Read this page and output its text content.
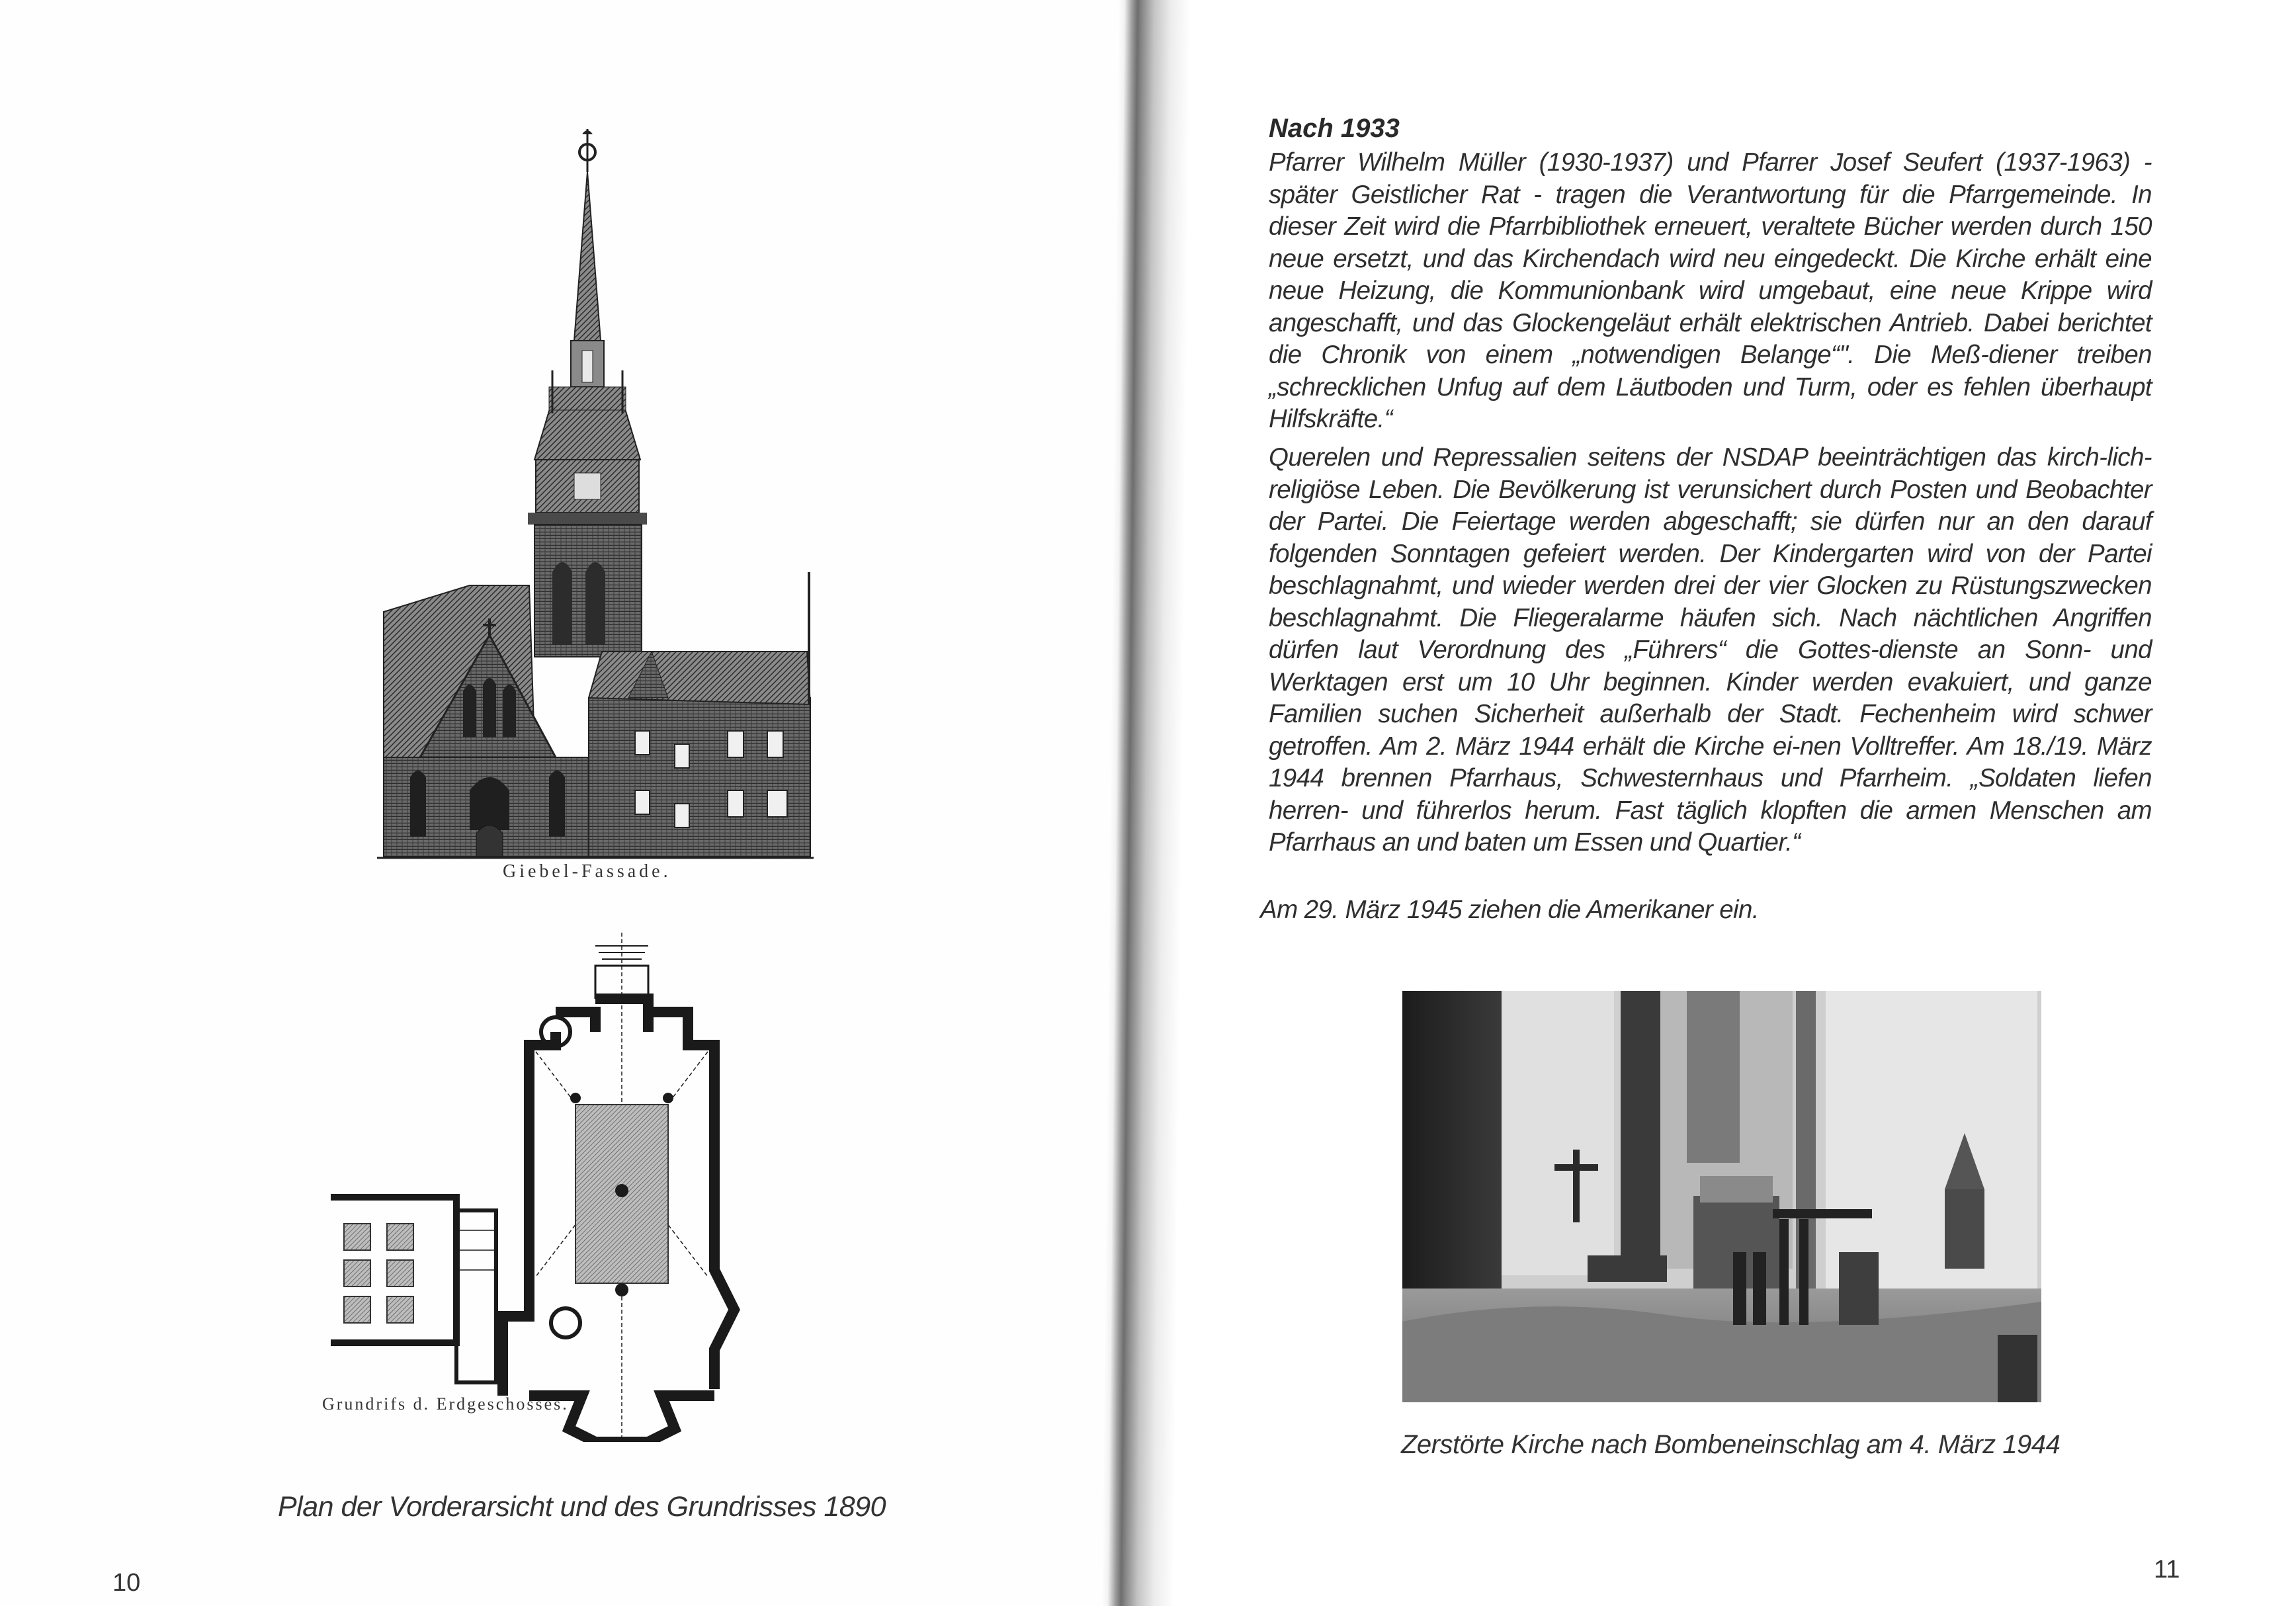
Giebel-Fassade.
Grundrifs d. Erdgeschosses.
Plan der Vorderarsicht und des Grundrisses 1890
10
Nach 1933

Pfarrer Wilhelm Müller (1930-1937) und Pfarrer Josef Seufert (1937-1963) - später Geistlicher Rat - tragen die Verantwortung für die Pfarrgemeinde. In dieser Zeit wird die Pfarrbibliothek erneuert, veraltete Bücher werden durch 150 neue ersetzt, und das Kirchendach wird neu eingedeckt. Die Kirche erhält eine neue Heizung, die Kommunionbank wird umgebaut, eine neue Krippe wird angeschafft, und das Glockengeläut erhält elektrischen Antrieb. Dabei berichtet die Chronik von einem „notwendigen Belange“". Die Meß-diener treiben „schrecklichen Unfug auf dem Läutboden und Turm, oder es fehlen überhaupt Hilfskräfte.“

Querelen und Repressalien seitens der NSDAP beeinträchtigen das kirch-lich-religiöse Leben. Die Bevölkerung ist verunsichert durch Posten und Beobachter der Partei. Die Feiertage werden abgeschafft; sie dürfen nur an den darauf folgenden Sonntagen gefeiert werden. Der Kindergarten wird von der Partei beschlagnahmt, und wieder werden drei der vier Glocken zu Rüstungszwecken beschlagnahmt. Die Fliegeralarme häufen sich. Nach nächtlichen Angriffen dürfen laut Verordnung des „Führers“ die Gottes-dienste an Sonn- und Werktagen erst um 10 Uhr beginnen. Kinder werden evakuiert, und ganze Familien suchen Sicherheit außerhalb der Stadt. Fechenheim wird schwer getroffen. Am 2. März 1944 erhält die Kirche ei-nen Volltreffer. Am 18./19. März 1944 brennen Pfarrhaus, Schwesternhaus und Pfarrheim. „Soldaten liefen herren- und führerlos herum. Fast täglich klopften die armen Menschen am Pfarrhaus an und baten um Essen und Quartier.“

Am 29. März 1945 ziehen die Amerikaner ein.

Zerstörte Kirche nach Bombeneinschlag am 4. März 1944
11
